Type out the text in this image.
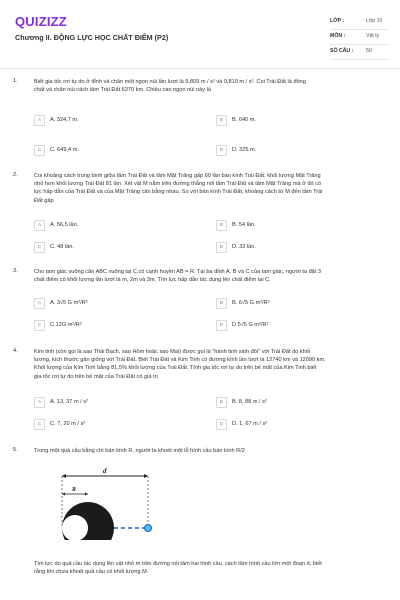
QUIZIZZ
Chương II. ĐỘNG LỰC HỌC CHẤT ĐIỂM (P2)
LỚP :	Lớp 10
MÔN :	Vật lý
SỐ CÂU : 50
1.	Biết gia tốc rơi tự do ở đỉnh và chân một ngọn núi lần lượt là 9,809 m / s² và 9,810 m / s². Coi Trái Đất là đồng
chất và chân núi cách tâm Trái Đất 6370 km. Chiều cao ngọn núi này là
A	A. 324,7 m.	B	B. 640 m.
C	C. 649,4 m.	D	D. 325 m.
2.	Coi khoảng cách trung bình giữa tâm Trái Đất và tâm Mặt Trăng gấp 60 lần bán kính Trái Đất; khối lượng Mặt Trăng
nhỏ hơn khối lượng Trái Đất 81 lần. Xét vật M nằm trên đường thẳng nối tâm Trái Đất và tâm Mặt Trăng mà ở đó có
lực hấp dẫn của Trái Đất và của Mặt Trăng cân bằng nhau. So với bán kính Trái Đất, khoảng cách từ M đến tâm Trái
Đất gấp
A	A. 56,5 lần.	B	B. 54 lần.
C	C. 48 lần.	D	D. 32 lần.
3.	Cho tam giác vuông cân ABC vuông tại C,có cạnh huyền AB = R. Tại ba đỉnh A, B và C của tam giác, người ta đặt 3
chất điểm có khối lượng lần lượt là m, 2m và 3m. Tìm lực hấp dẫn tác dụng lên chất điểm tại C.
A	A. 3√5 G m²/R²	B	B. 6√5 G m²/R²
C	C.12G m²/R²	D	D.5√5 G m²/R²
4.	Kim tinh (còn gọi là sao Thái Bạch, sao Hôm hoặc sao Mai) được gọi là "hành tinh sinh đôi" với Trái Đất do khối
lượng, kích thước gần giống với Trái Đất. Biết Trái Đất và Kim Tinh có đường kính lần lượt là 12740 km và 12090 km.
Khối lượng của Kim Tinh bằng 81,5% khối lượng của Trái Đất. Tính gia tốc rơi tự do trên bề mặt của Kim Tinh biết
gia tốc rơi tự do trên bề mặt của Trái Đất có giá trị
A	A. 13, 37 m / s²	B	B. 8, 88 m / s²
C	C. 7, 20 m / s²	D	D. 1, 67 m / s²
5.	Trong một quả cầu bằng chì bán kính R, người ta khoét một lỗ hình cầu bán kính R/2
d
R
Tìm lực do quả cầu tác dụng lên vật nhỏ m trên đường nối tâm hai hình cầu, cách tâm hình cầu lớn một đoạn d, biết
rằng khi chưa khoét quả cầu có khối lượng M.
